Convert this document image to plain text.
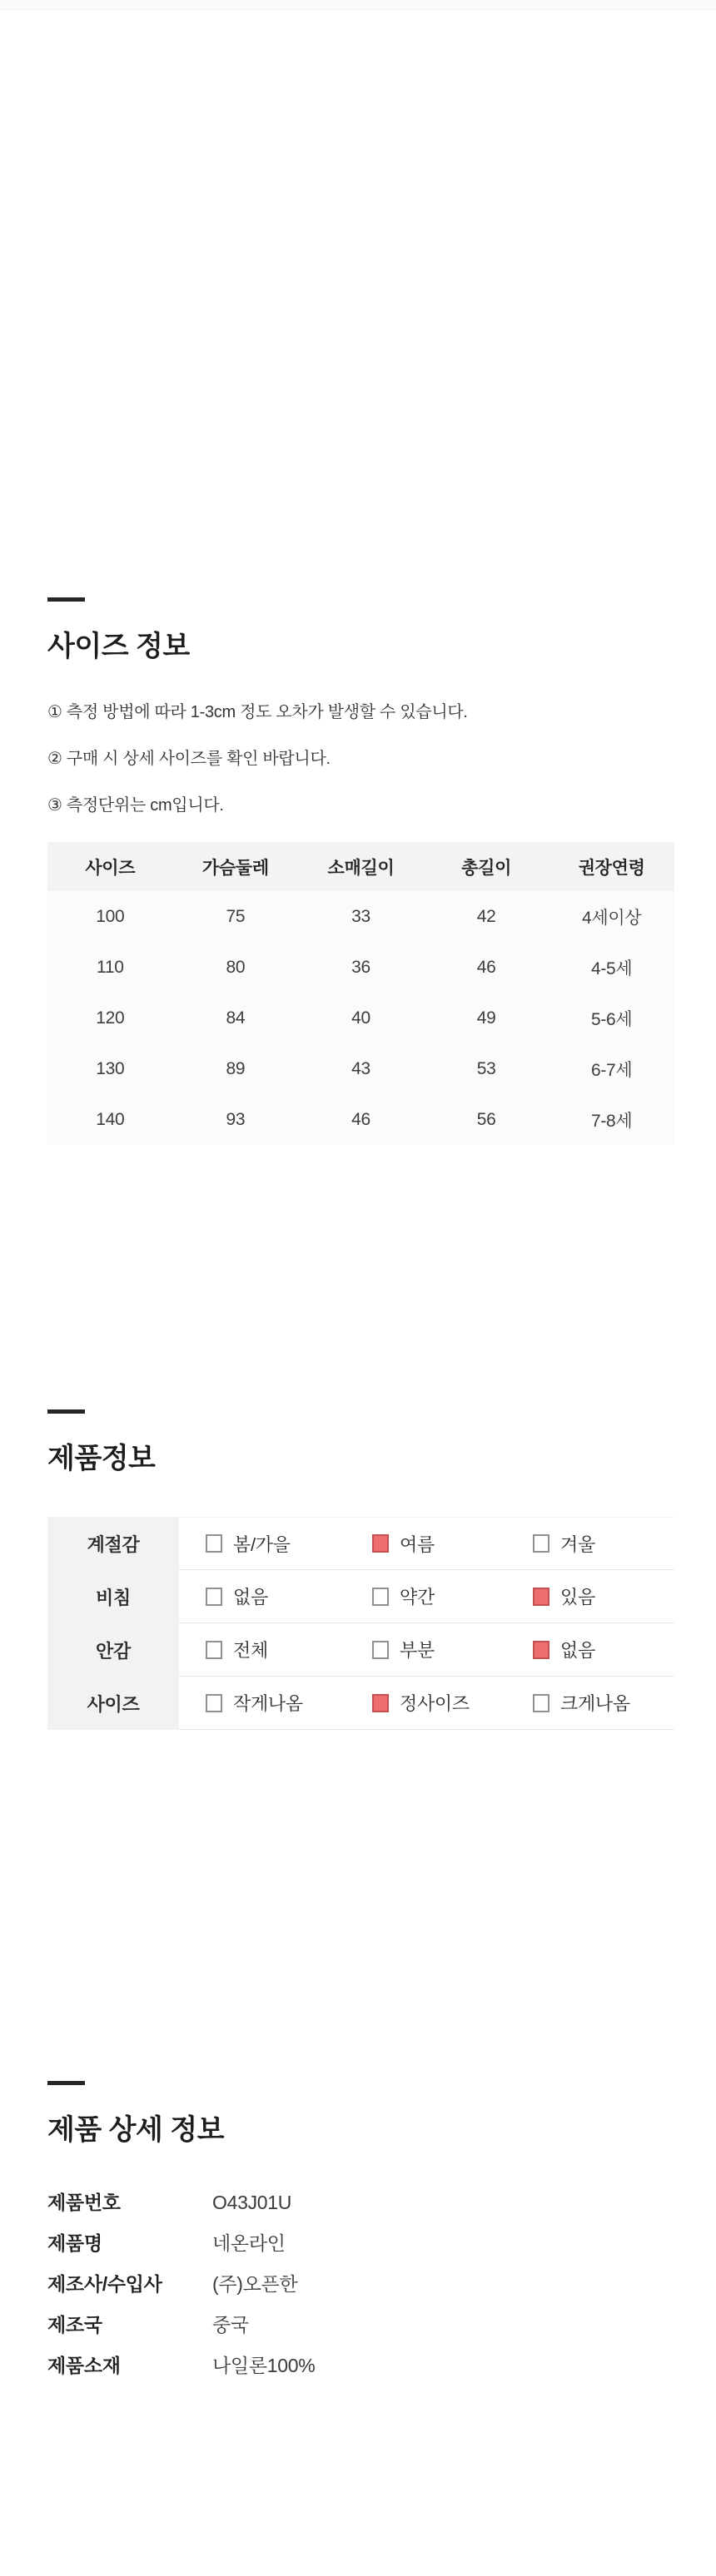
사이즈 정보
① 측정 방법에 따라 1-3cm 정도 오차가 발생할 수 있습니다.
② 구매 시 상세 사이즈를 확인 바랍니다.
③ 측정단위는 cm입니다.
사이즈	가슴둘레	소매길이	총길이	권장연령
100	75	33	42	4세이상
110	80	36	46	4-5세
120	84	40	49	5-6세
130	89	43	53	6-7세
140	93	46	56	7-8세
제품정보
계절감	봄/가을	여름	겨울
비침	없음	약간	있음
안감	전체	부분	없음
사이즈	작게나옴	정사이즈	크게나옴
제품 상세 정보
제품번호	O43J01U
제품명	네온라인
제조사/수입사	(주)오픈한
제조국	중국
제품소재	나일론100%
